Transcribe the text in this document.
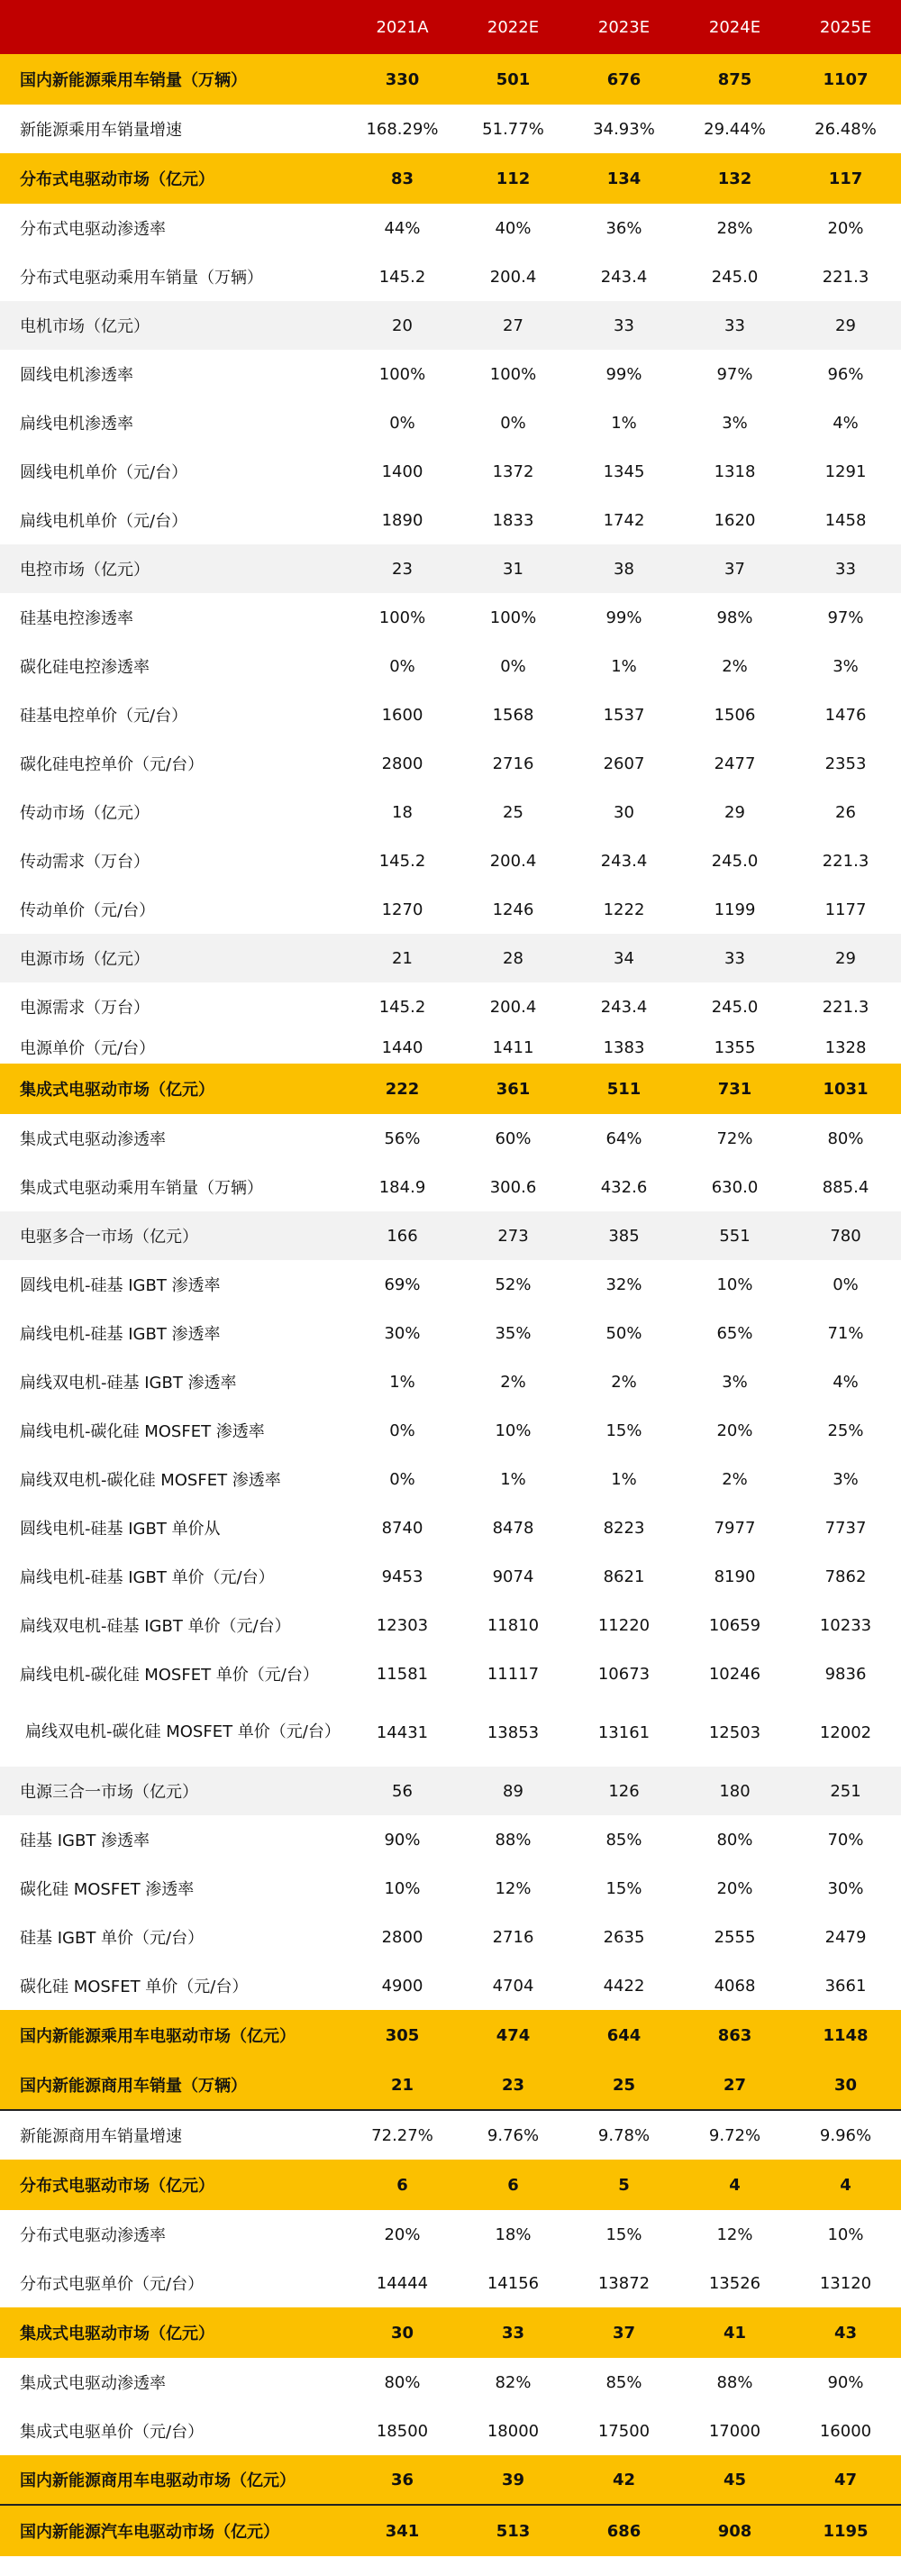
2021A	2022E	2023E	2024E	2025E
国内新能源乘用车销量（万辆）	330	501	676	875	1107
新能源乘用车销量增速	168.29%	51.77%	34.93%	29.44%	26.48%
分布式电驱动市场（亿元）	83	112	134	132	117
分布式电驱动渗透率	44%	40%	36%	28%	20%
分布式电驱动乘用车销量（万辆）	145.2	200.4	243.4	245.0	221.3
电机市场（亿元）	20	27	33	33	29
圆线电机渗透率	100%	100%	99%	97%	96%
扁线电机渗透率	0%	0%	1%	3%	4%
圆线电机单价（元/台）	1400	1372	1345	1318	1291
扁线电机单价（元/台）	1890	1833	1742	1620	1458
电控市场（亿元）	23	31	38	37	33
硅基电控渗透率	100%	100%	99%	98%	97%
碳化硅电控渗透率	0%	0%	1%	2%	3%
硅基电控单价（元/台）	1600	1568	1537	1506	1476
碳化硅电控单价（元/台）	2800	2716	2607	2477	2353
传动市场（亿元）	18	25	30	29	26
传动需求（万台）	145.2	200.4	243.4	245.0	221.3
传动单价（元/台）	1270	1246	1222	1199	1177
电源市场（亿元）	21	28	34	33	29
电源需求（万台）	145.2	200.4	243.4	245.0	221.3
电源单价（元/台）	1440	1411	1383	1355	1328
集成式电驱动市场（亿元）	222	361	511	731	1031
集成式电驱动渗透率	56%	60%	64%	72%	80%
集成式电驱动乘用车销量（万辆）	184.9	300.6	432.6	630.0	885.4
电驱多合一市场（亿元）	166	273	385	551	780
圆线电机-硅基 IGBT 渗透率	69%	52%	32%	10%	0%
扁线电机-硅基 IGBT 渗透率	30%	35%	50%	65%	71%
扁线双电机-硅基 IGBT 渗透率	1%	2%	2%	3%	4%
扁线电机-碳化硅 MOSFET 渗透率	0%	10%	15%	20%	25%
扁线双电机-碳化硅 MOSFET 渗透率	0%	1%	1%	2%	3%
圆线电机-硅基 IGBT 单价从	8740	8478	8223	7977	7737
扁线电机-硅基 IGBT 单价（元/台）	9453	9074	8621	8190	7862
扁线双电机-硅基 IGBT 单价（元/台）	12303	11810	11220	10659	10233
扁线电机-碳化硅 MOSFET 单价（元/台）	11581	11117	10673	10246	9836
扁线双电机-碳化硅 MOSFET 单价（元/台）	14431	13853	13161	12503	12002
电源三合一市场（亿元）	56	89	126	180	251
硅基 IGBT 渗透率	90%	88%	85%	80%	70%
碳化硅 MOSFET 渗透率	10%	12%	15%	20%	30%
硅基 IGBT 单价（元/台）	2800	2716	2635	2555	2479
碳化硅 MOSFET 单价（元/台）	4900	4704	4422	4068	3661
国内新能源乘用车电驱动市场（亿元）	305	474	644	863	1148
国内新能源商用车销量（万辆）	21	23	25	27	30
新能源商用车销量增速	72.27%	9.76%	9.78%	9.72%	9.96%
分布式电驱动市场（亿元）	6	6	5	4	4
分布式电驱动渗透率	20%	18%	15%	12%	10%
分布式电驱单价（元/台）	14444	14156	13872	13526	13120
集成式电驱动市场（亿元）	30	33	37	41	43
集成式电驱动渗透率	80%	82%	85%	88%	90%
集成式电驱单价（元/台）	18500	18000	17500	17000	16000
国内新能源商用车电驱动市场（亿元）	36	39	42	45	47
国内新能源汽车电驱动市场（亿元）	341	513	686	908	1195
